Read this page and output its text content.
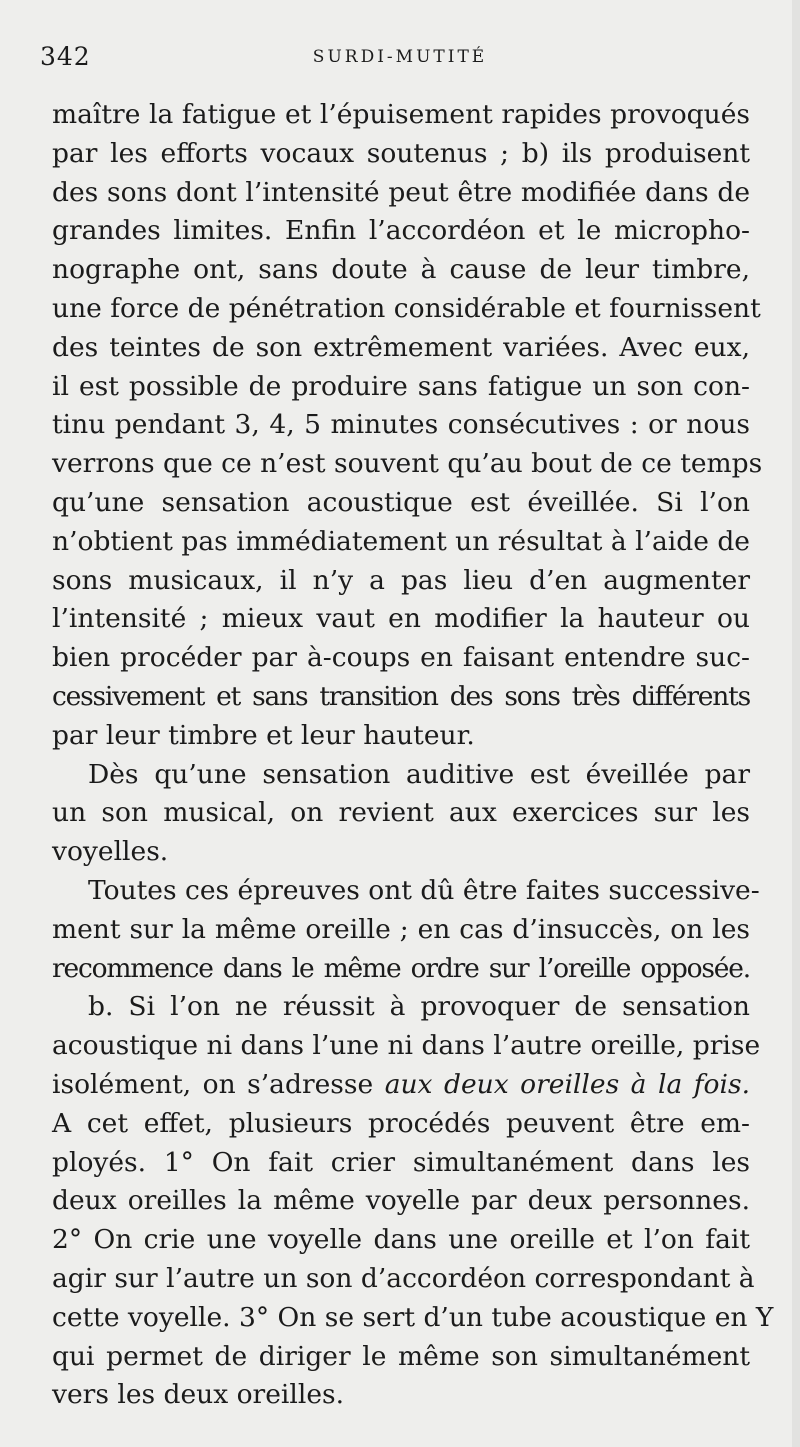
342	SURDI-MUTITÉ
maître la fatigue et l’épuisement rapides provoqués
par les efforts vocaux soutenus ; b) ils produisent
des sons dont l’intensité peut être modifiée dans de
grandes limites. Enfin l’accordéon et le micropho-
nographe ont, sans doute à cause de leur timbre,
une force de pénétration considérable et fournissent
des teintes de son extrêmement variées. Avec eux,
il est possible de produire sans fatigue un son con-
tinu pendant 3, 4, 5 minutes consécutives : or nous
verrons que ce n’est souvent qu’au bout de ce temps
qu’une sensation acoustique est éveillée. Si l’on
n’obtient pas immédiatement un résultat à l’aide de
sons musicaux, il n’y a pas lieu d’en augmenter
l’intensité ; mieux vaut en modifier la hauteur ou
bien procéder par à-coups en faisant entendre suc-
cessivement et sans transition des sons très différents
par leur timbre et leur hauteur.
Dès qu’une sensation auditive est éveillée par
un son musical, on revient aux exercices sur les
voyelles.
Toutes ces épreuves ont dû être faites successive-
ment sur la même oreille ; en cas d’insuccès, on les
recommence dans le même ordre sur l’oreille opposée.
b. Si l’on ne réussit à provoquer de sensation
acoustique ni dans l’une ni dans l’autre oreille, prise
isolément, on s’adresse aux deux oreilles à la fois.
A cet effet, plusieurs procédés peuvent être em-
ployés. 1° On fait crier simultanément dans les
deux oreilles la même voyelle par deux personnes.
2° On crie une voyelle dans une oreille et l’on fait
agir sur l’autre un son d’accordéon correspondant à
cette voyelle. 3° On se sert d’un tube acoustique en Y
qui permet de diriger le même son simultanément
vers les deux oreilles.
